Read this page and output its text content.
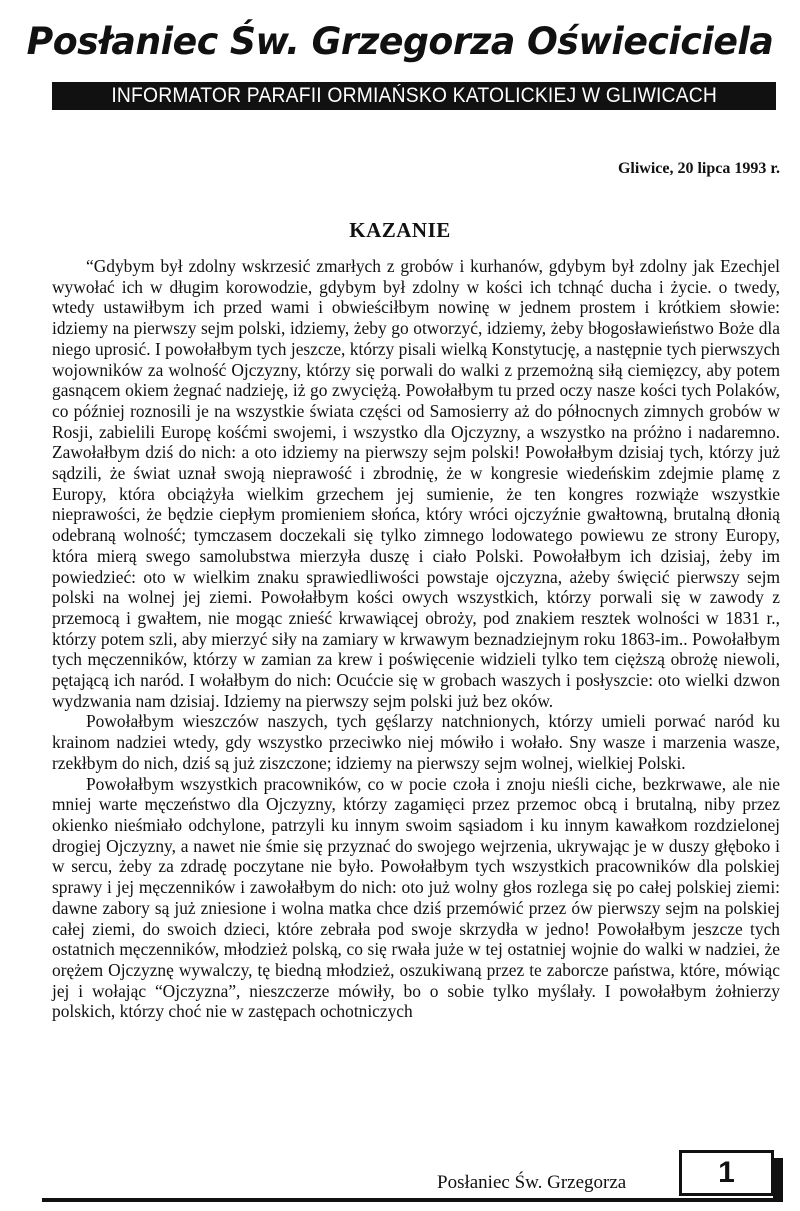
Posłaniec Św. Grzegorza Oświeciciela
INFORMATOR PARAFII ORMIAŃSKO KATOLICKIEJ W GLIWICACH
Gliwice, 20 lipca 1993 r.
KAZANIE

“Gdybym był zdolny wskrzesić zmarłych z grobów i kurhanów, gdybym był zdolny jak Ezechjel wywołać ich w długim korowodzie, gdybym był zdolny w kości ich tchnąć ducha i życie. o twedy, wtedy ustawiłbym ich przed wami i obwieściłbym nowinę w jednem prostem i krótkiem słowie: idziemy na pierwszy sejm polski, idziemy, żeby go otworzyć, idziemy, żeby błogosławieństwo Boże dla niego uprosić. I powołałbym tych jeszcze, którzy pisali wielką Konstytucję, a następnie tych pierwszych wojowników za wolność Ojczyzny, którzy się porwali do walki z przemożną siłą ciemięzcy, aby potem gasnącem okiem żegnać nadzieję, iż go zwyciężą. Powołałbym tu przed oczy nasze kości tych Polaków, co później roznosili je na wszystkie świata części od Samosierry aż do północnych zimnych grobów w Rosji, zabielili Europę kośćmi swojemi, i wszystko dla Ojczyzny, a wszystko na próżno i nadaremno. Zawołałbym dziś do nich: a oto idziemy na pierwszy sejm polski! Powołałbym dzisiaj tych, którzy już sądzili, że świat uznał swoją nieprawość i zbrodnię, że w kongresie wiedeńskim zdejmie plamę z Europy, która obciążyła wielkim grzechem jej sumienie, że ten kongres rozwiąże wszystkie nieprawości, że będzie ciepłym promieniem słońca, który wróci ojczyźnie gwałtowną, brutalną dłonią odebraną wolność; tymczasem doczekali się tylko zimnego lodowatego powiewu ze strony Europy, która mierą swego samolubstwa mierzyła duszę i ciało Polski. Powołałbym ich dzisiaj, żeby im powiedzieć: oto w wielkim znaku sprawiedliwości powstaje ojczyzna, ażeby święcić pierwszy sejm polski na wolnej jej ziemi. Powołałbym kości owych wszystkich, którzy porwali się w zawody z przemocą i gwałtem, nie mogąc znieść krwawiącej obroży, pod znakiem resztek wolności w 1831 r., którzy potem szli, aby mierzyć siły na zamiary w krwawym beznadziejnym roku 1863-im.. Powołałbym tych męczenników, którzy w zamian za krew i poświęcenie widzieli tylko tem cięższą obrożę niewoli, pętającą ich naród. I wołałbym do nich: Ocućcie się w grobach waszych i posłyszcie: oto wielki dzwon wydzwania nam dzisiaj. Idziemy na pierwszy sejm polski już bez oków.

Powołałbym wieszczów naszych, tych gęślarzy natchnionych, którzy umieli porwać naród ku krainom nadziei wtedy, gdy wszystko przeciwko niej mówiło i wołało. Sny wasze i marzenia wasze, rzekłbym do nich, dziś są już ziszczone; idziemy na pierwszy sejm wolnej, wielkiej Polski.

Powołałbym wszystkich pracowników, co w pocie czoła i znoju nieśli ciche, bezkrwawe, ale nie mniej warte męczeństwo dla Ojczyzny, którzy zagamięci przez przemoc obcą i brutalną, niby przez okienko nieśmiało odchylone, patrzyli ku innym swoim sąsiadom i ku innym kawałkom rozdzielonej drogiej Ojczyzny, a nawet nie śmie się przyznać do swojego wejrzenia, ukrywając je w duszy głęboko i w sercu, żeby za zdradę poczytane nie było. Powołałbym tych wszystkich pracowników dla polskiej sprawy i jej męczenników i zawołałbym do nich: oto już wolny głos rozlega się po całej polskiej ziemi: dawne zabory są już zniesione i wolna matka chce dziś przemówić przez ów pierwszy sejm na polskiej całej ziemi, do swoich dzieci, które zebrała pod swoje skrzydła w jedno! Powołałbym jeszcze tych ostatnich męczenników, młodzież polską, co się rwała juże w tej ostatniej wojnie do walki w nadziei, że orężem Ojczyznę wywalczy, tę biedną młodzież, oszukiwaną przez te zaborcze państwa, które, mówiąc jej i wołając “Ojczyzna”, nieszczerze mówiły, bo o sobie tylko myślały. I powołałbym żołnierzy polskich, którzy choć nie w zastępach ochotniczych

Posłaniec Św. Grzegorza	1
